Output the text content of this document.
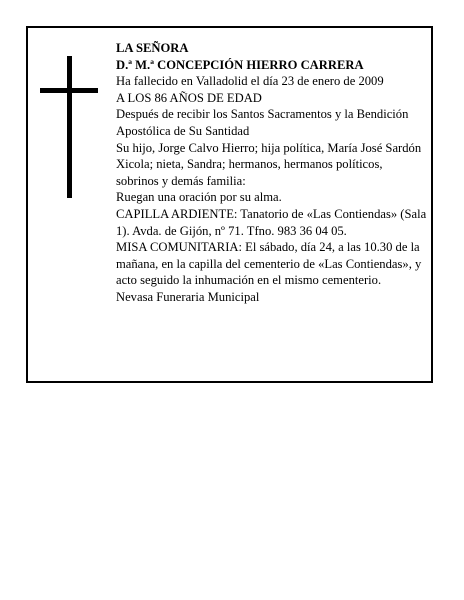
LA SEÑORA

D.ª M.ª CONCEPCIÓN HIERRO CARRERA

Ha fallecido en Valladolid el día 23 de enero de 2009

A LOS 86 AÑOS DE EDAD

Después de recibir los Santos Sacramentos y la Bendición Apostólica de Su Santidad

Su hijo, Jorge Calvo Hierro; hija política, María José Sardón Xicola; nieta, Sandra; hermanos, hermanos políticos, sobrinos y demás familia:

Ruegan una oración por su alma.

CAPILLA ARDIENTE: Tanatorio de «Las Contiendas» (Sala 1). Avda. de Gijón, nº 71. Tfno. 983 36 04 05.

MISA COMUNITARIA: El sábado, día 24, a las 10.30 de la mañana, en la capilla del cementerio de «Las Contiendas», y acto seguido la inhumación en el mismo cementerio.

Nevasa Funeraria Municipal
